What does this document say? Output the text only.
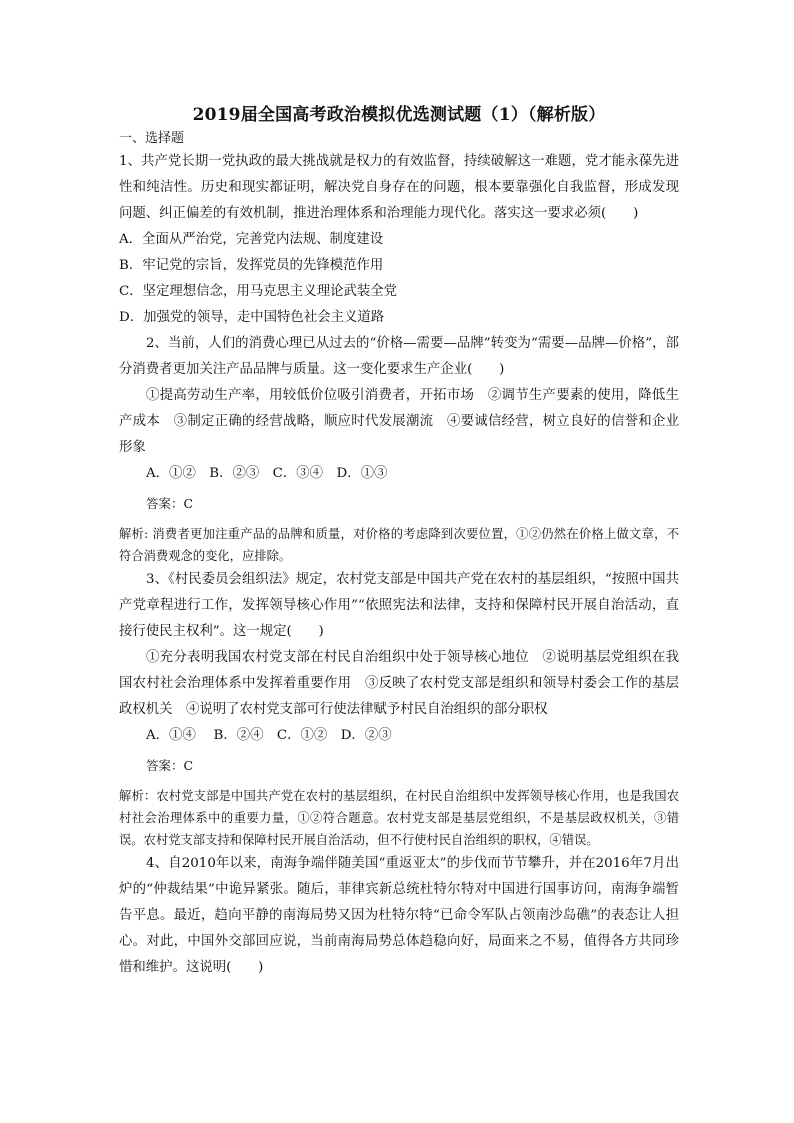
2019届全国高考政治模拟优选测试题（1）（解析版）

一、选择题

1、共产党长期一党执政的最大挑战就是权力的有效监督，持续破解这一难题，党才能永葆先进性和纯洁性。历史和现实都证明，解决党自身存在的问题，根本要靠强化自我监督，形成发现问题、纠正偏差的有效机制，推进治理体系和治理能力现代化。落实这一要求必须(　　)

A．全面从严治党，完善党内法规、制度建设

B．牢记党的宗旨，发挥党员的先锋模范作用

C．坚定理想信念，用马克思主义理论武装全党

D．加强党的领导，走中国特色社会主义道路

2、当前，人们的消费心理已从过去的“价格—需要—品牌”转变为“需要—品牌—价格”，部分消费者更加关注产品品牌与质量。这一变化要求生产企业(　　)

①提高劳动生产率，用较低价位吸引消费者，开拓市场　②调节生产要素的使用，降低生产成本　③制定正确的经营战略，顺应时代发展潮流　④要诚信经营，树立良好的信誉和企业形象

A．①②　B．②③　C．③④　D．①③

答案：C

解析: 消费者更加注重产品的品牌和质量，对价格的考虑降到次要位置，①②仍然在价格上做文章，不符合消费观念的变化，应排除。

3、《村民委员会组织法》规定，农村党支部是中国共产党在农村的基层组织，“按照中国共产党章程进行工作，发挥领导核心作用”“依照宪法和法律，支持和保障村民开展自治活动，直接行使民主权利”。这一规定(　　)

①充分表明我国农村党支部在村民自治组织中处于领导核心地位　②说明基层党组织在我国农村社会治理体系中发挥着重要作用　③反映了农村党支部是组织和领导村委会工作的基层政权机关　④说明了农村党支部可行使法律赋予村民自治组织的部分职权

A．①④　 B．②④　C．①②　D．②③

答案：C

解析：农村党支部是中国共产党在农村的基层组织，在村民自治组织中发挥领导核心作用，也是我国农村社会治理体系中的重要力量，①②符合题意。农村党支部是基层党组织，不是基层政权机关，③错误。农村党支部支持和保障村民开展自治活动，但不行使村民自治组织的职权，④错误。

4、自2010年以来，南海争端伴随美国“重返亚太”的步伐而节节攀升，并在2016年7月出炉的“仲裁结果”中诡异紧张。随后，菲律宾新总统杜特尔特对中国进行国事访问，南海争端暂告平息。最近，趋向平静的南海局势又因为杜特尔特“已命令军队占领南沙岛礁”的表态让人担心。对此，中国外交部回应说，当前南海局势总体趋稳向好，局面来之不易，值得各方共同珍惜和维护。这说明(　　)
